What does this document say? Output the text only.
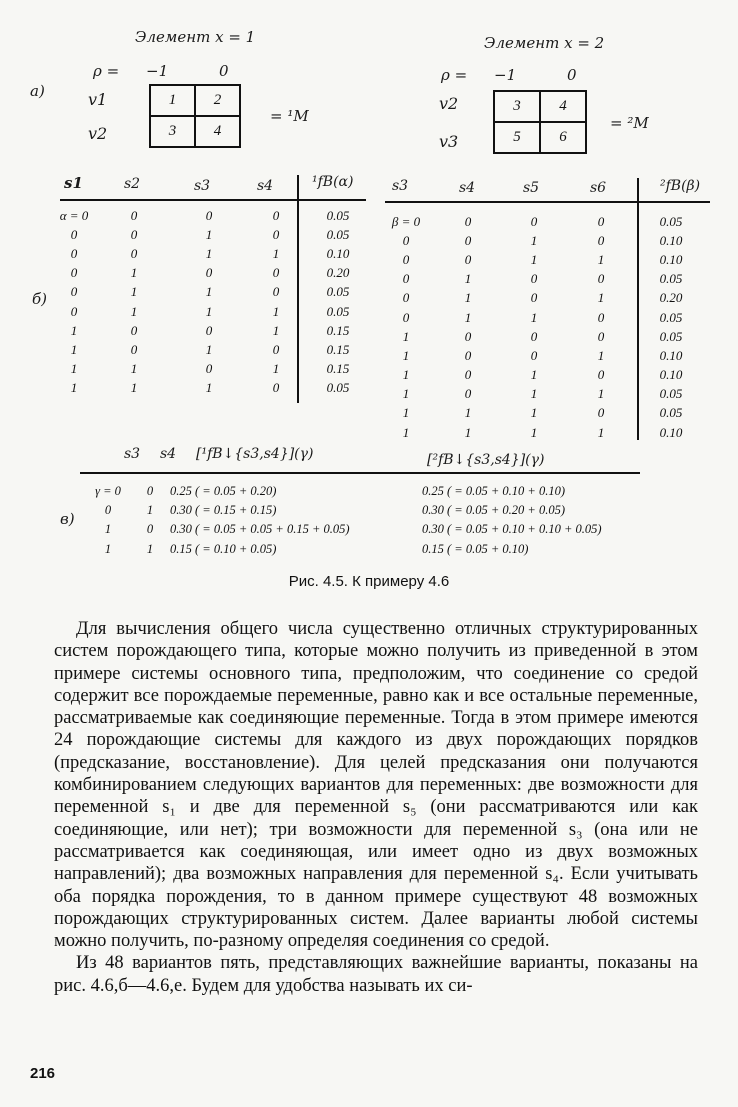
а)
Элемент x = 1
ρ = −1	0
v1
v2
1	2
3	4
= ¹M
Элемент x = 2
ρ = −1	0
v2
v3
3	4
5	6
= ²M
б)
s1	s2	s3	s4	¹fB(α)
α = 0	0	0	0	0.05
0	0	1	0	0.05
0	0	1	1	0.10
0	1	0	0	0.20
0	1	1	0	0.05
0	1	1	1	0.05
1	0	0	1	0.15
1	0	1	0	0.15
1	1	0	1	0.15
1	1	1	0	0.05
s3	s4	s5	s6	²fB(β)
β = 0	0	0	0	0.05
0	0	1	0	0.10
0	0	1	1	0.10
0	1	0	0	0.05
0	1	0	1	0.20
0	1	1	0	0.05
1	0	0	0	0.05
1	0	0	1	0.10
1	0	1	0	0.10
1	0	1	1	0.05
1	1	1	0	0.05
1	1	1	1	0.10
в)
s3 s4 [¹fB↓{s3,s4}](γ)	[²fB↓{s3,s4}](γ)
γ = 0	0	0.25 ( = 0.05 + 0.20)	0.25 ( = 0.05 + 0.10 + 0.10)
0	1	0.30 ( = 0.15 + 0.15)	0.30 ( = 0.05 + 0.20 + 0.05)
1	0	0.30 ( = 0.05 + 0.05 + 0.15 + 0.05)	0.30 ( = 0.05 + 0.10 + 0.10 + 0.05)
1	1	0.15 ( = 0.10 + 0.05)	0.15 ( = 0.05 + 0.10)
Рис. 4.5. К примеру 4.6

Для вычисления общего числа существенно отличных структурированных систем порождающего типа, которые можно получить из приведенной в этом примере системы основного типа, предположим, что соединение со средой содержит все порождаемые переменные, равно как и все остальные переменные, рассматриваемые как соединяющие переменные. Тогда в этом примере имеются 24 порождающие системы для каждого из двух порождающих порядков (предсказание, восстановление). Для целей предсказания они получаются комбинированием следующих вариантов для переменных: две возможности для переменной s₁ и две для переменной s₅ (они рассматриваются или как соединяющие, или нет); три возможности для переменной s₃ (она или не рассматривается как соединяющая, или имеет одно из двух возможных направлений); два возможных направления для переменной s₄. Если учитывать оба порядка порождения, то в данном примере существуют 48 возможных порождающих структурированных систем. Далее варианты любой системы можно получить, по-разному определяя соединения со средой.

Из 48 вариантов пять, представляющих важнейшие варианты, показаны на рис. 4.6,б—4.6,е. Будем для удобства называть их си-

216
